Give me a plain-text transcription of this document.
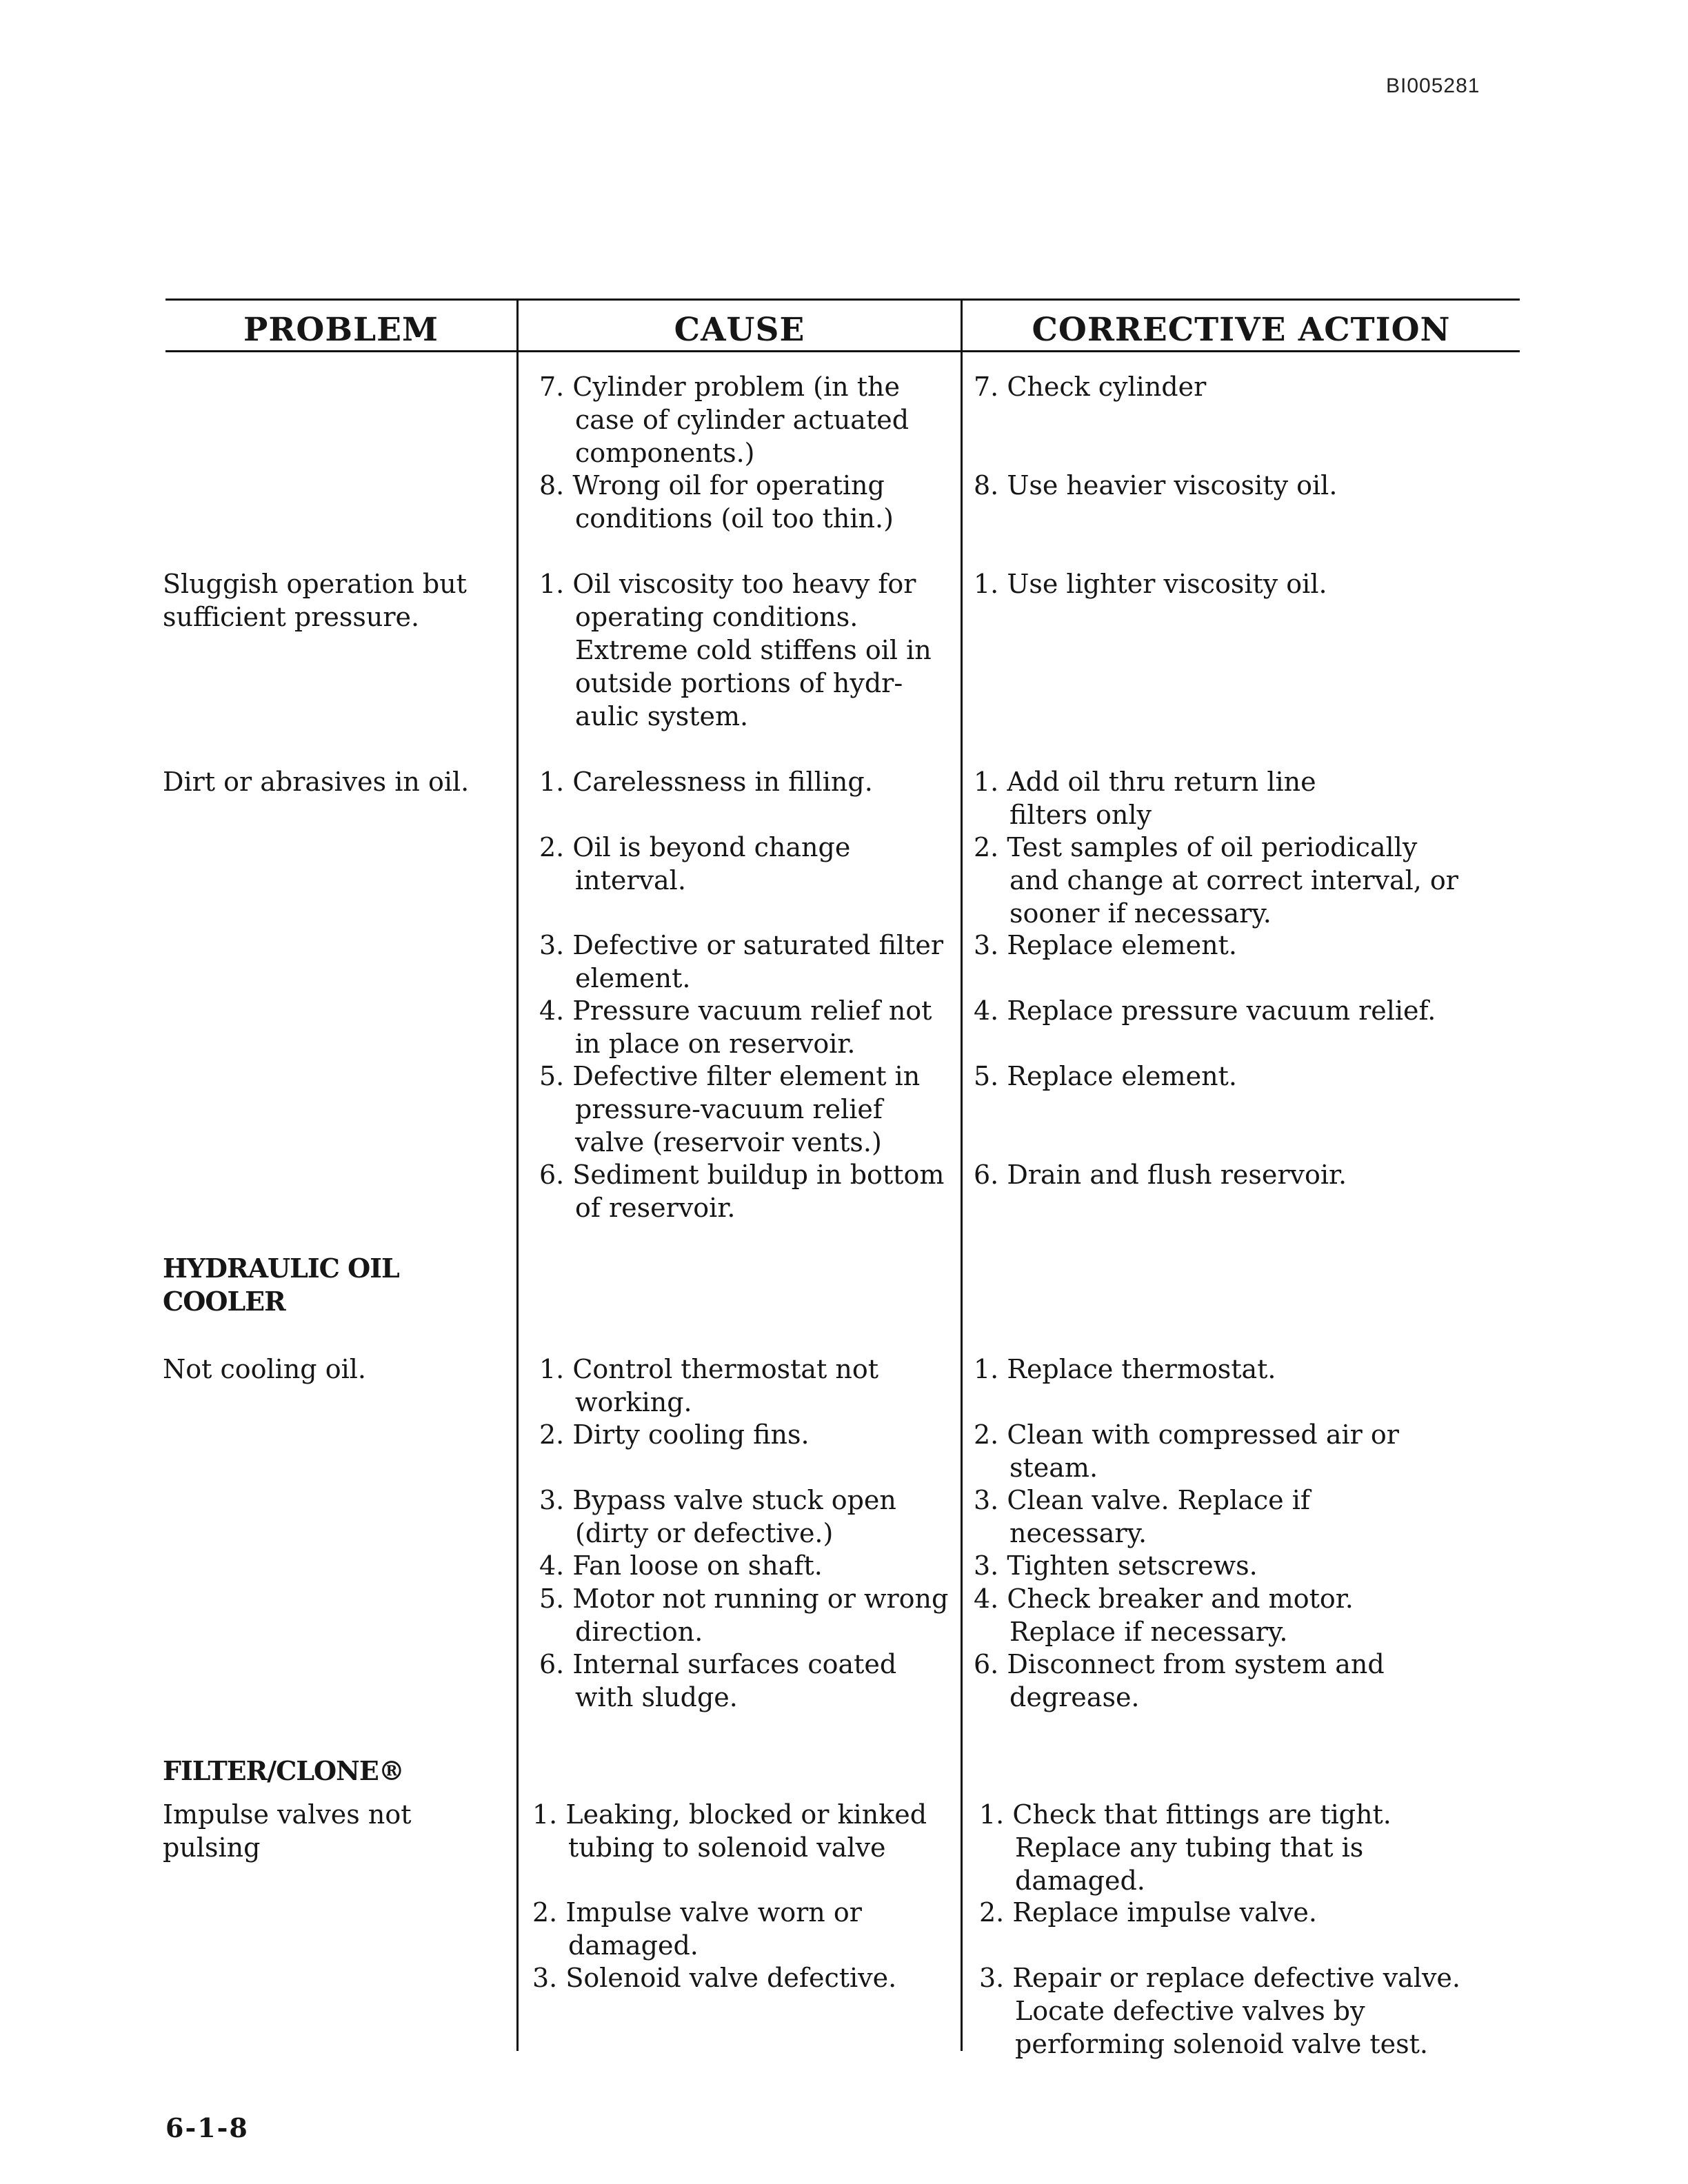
BI005281
PROBLEM	CAUSE	CORRECTIVE ACTION
Sluggish operation but
sufficient pressure.
Dirt or abrasives in oil.
HYDRAULIC OIL
COOLER
Not cooling oil.
FILTER/CLONE®
Impulse valves not
pulsing
7. Cylinder problem (in the
case of cylinder actuated
components.)
8. Wrong oil for operating
conditions (oil too thin.)
1. Oil viscosity too heavy for
operating conditions.
Extreme cold stiffens oil in
outside portions of hydr-
aulic system.
1. Carelessness in filling.
2. Oil is beyond change
interval.
3. Defective or saturated filter
element.
4. Pressure vacuum relief not
in place on reservoir.
5. Defective filter element in
pressure-vacuum relief
valve (reservoir vents.)
6. Sediment buildup in bottom
of reservoir.
1. Control thermostat not
working.
2. Dirty cooling fins.
3. Bypass valve stuck open
(dirty or defective.)
4. Fan loose on shaft.
5. Motor not running or wrong
direction.
6. Internal surfaces coated
with sludge.
1. Leaking, blocked or kinked
tubing to solenoid valve
2. Impulse valve worn or
damaged.
3. Solenoid valve defective.
7. Check cylinder
8. Use heavier viscosity oil.
1. Use lighter viscosity oil.
1. Add oil thru return line
filters only
2. Test samples of oil periodically
and change at correct interval, or
sooner if necessary.
3. Replace element.
4. Replace pressure vacuum relief.
5. Replace element.
6. Drain and flush reservoir.
1. Replace thermostat.
2. Clean with compressed air or
steam.
3. Clean valve. Replace if
necessary.
3. Tighten setscrews.
4. Check breaker and motor.
Replace if necessary.
6. Disconnect from system and
degrease.
1. Check that fittings are tight.
Replace any tubing that is
damaged.
2. Replace impulse valve.
3. Repair or replace defective valve.
Locate defective valves by
performing solenoid valve test.
6-1-8
